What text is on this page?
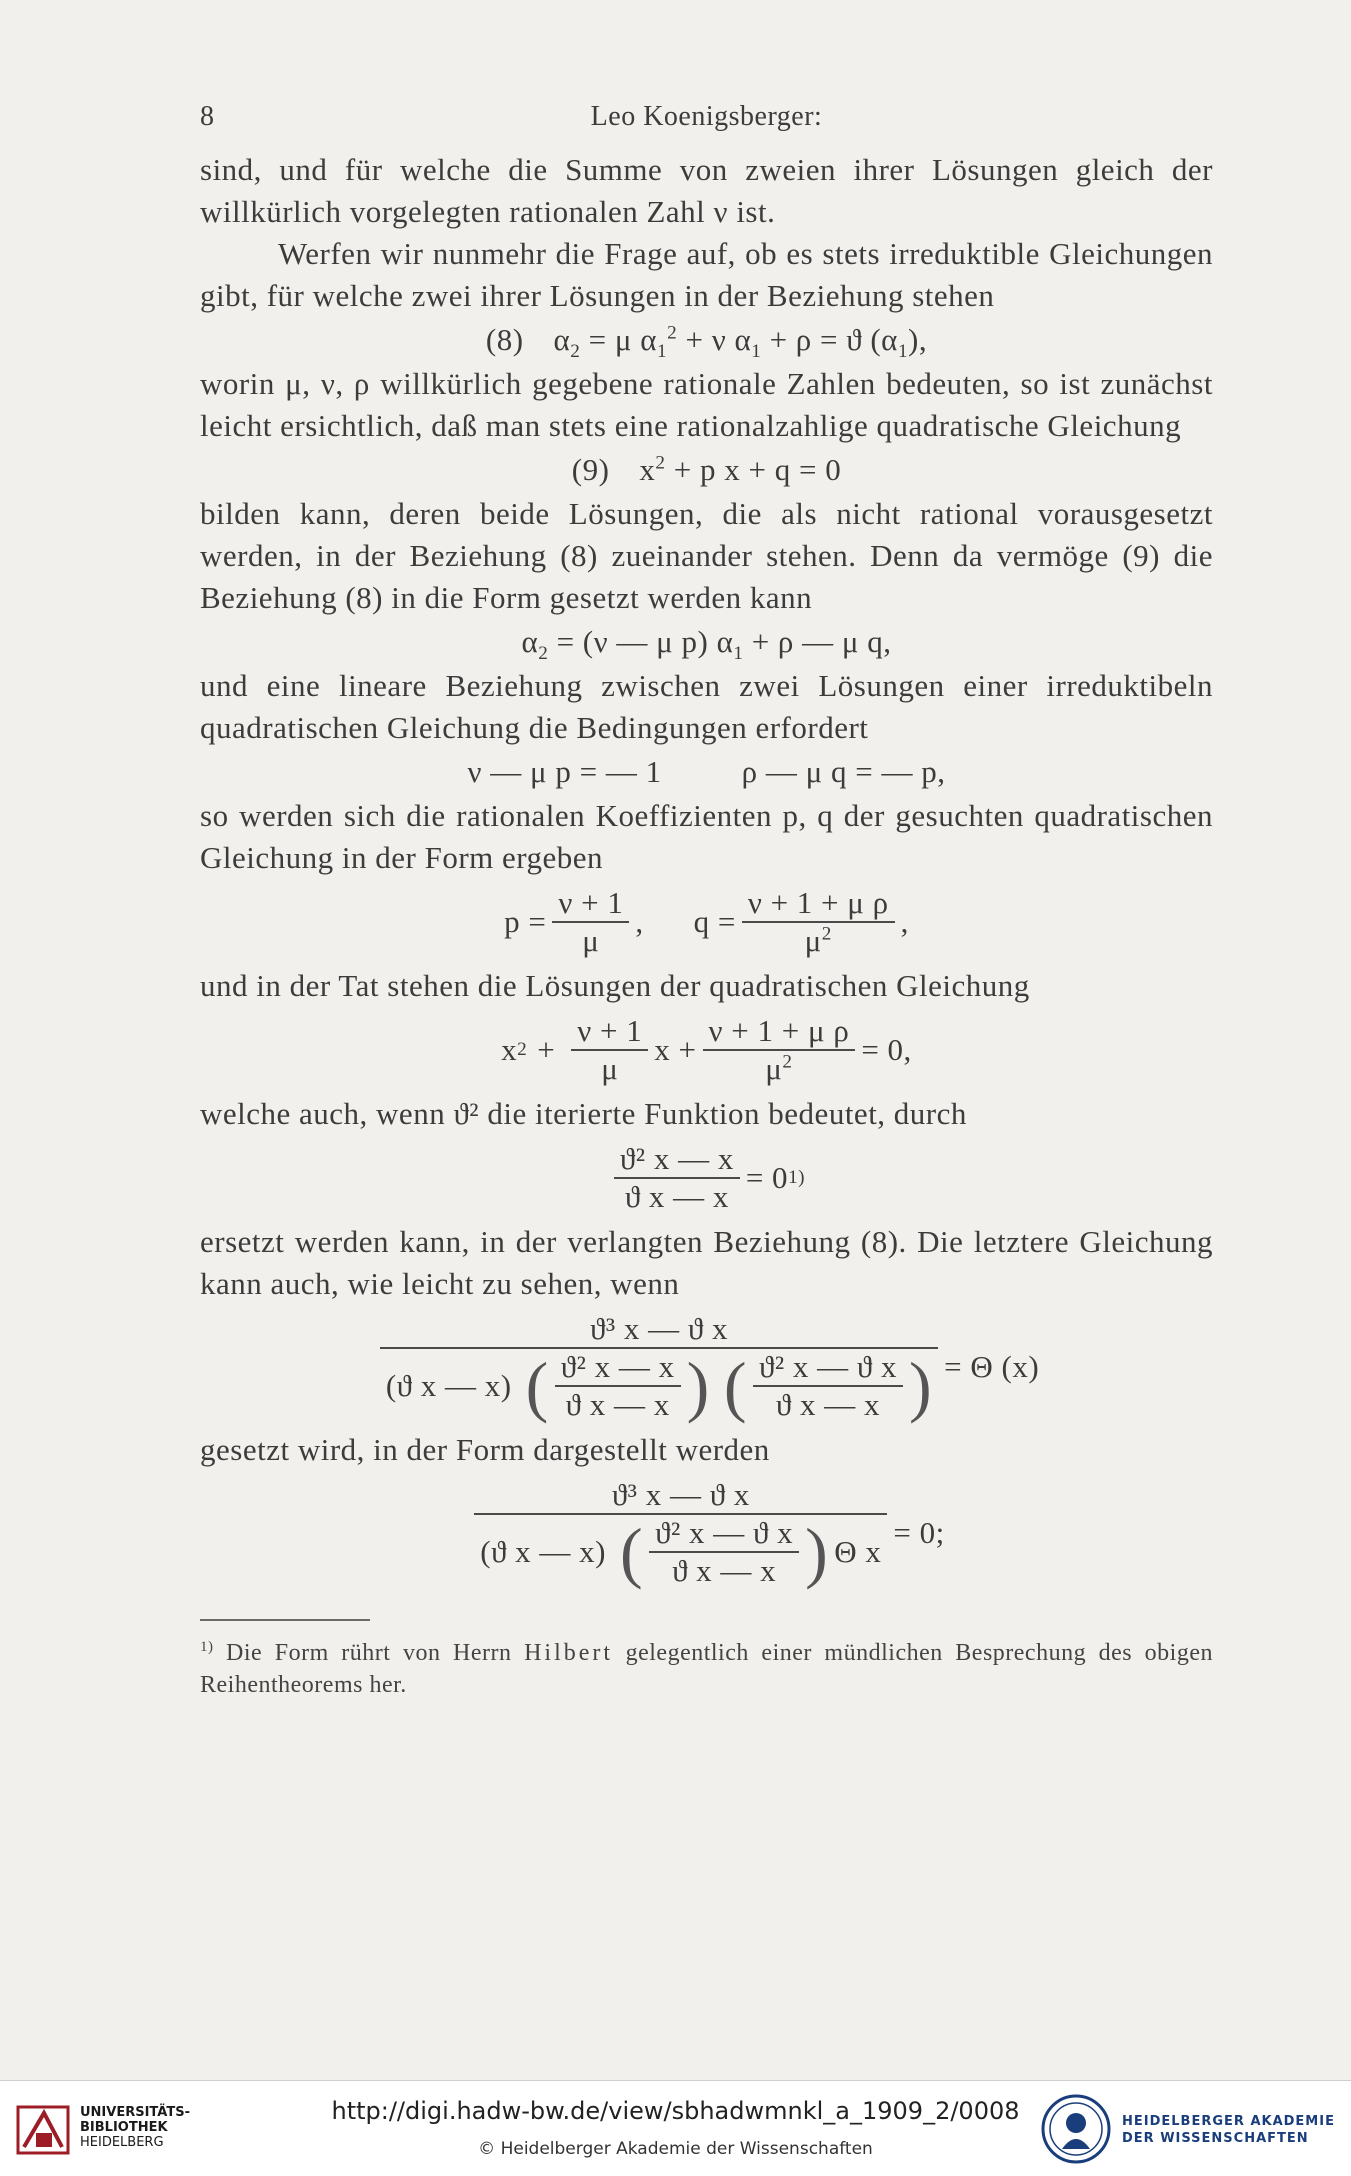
8	Leo Koenigsberger:

sind, und für welche die Summe von zweien ihrer Lösungen gleich der willkürlich vorgelegten rationalen Zahl ν ist.

Werfen wir nunmehr die Frage auf, ob es stets irreduktible Gleichungen gibt, für welche zwei ihrer Lösungen in der Beziehung stehen

(8) $\alpha_2 = \mu$ $\alpha_1^2 + \nu$ $\alpha_1 + \rho = ϑ$ $(\alpha_1)$,

worin μ, ν, ρ willkürlich gegebene rationale Zahlen bedeuten, so ist zunächst leicht ersichtlich, daß man stets eine rationalzahlige quadratische Gleichung

(9) $x^2 + p$ x + q = 0

bilden kann, deren beide Lösungen, die als nicht rational vorausgesetzt werden, in der Beziehung (8) zueinander stehen. Denn da vermöge (9) die Beziehung (8) in die Form gesetzt werden kann

$\alpha_2 = (\nu$ — μ p) $\alpha_1 + \rho$ — μ q,

und eine lineare Beziehung zwischen zwei Lösungen einer irreduktibeln quadratischen Gleichung die Bedingungen erfordert

ν — μ p = — 1	ρ — μ q = — p,

so werden sich die rationalen Koeffizienten p, q der gesuchten quadratischen Gleichung in der Form ergeben

$p = \frac{\nu + 1}{\mu}$ , $q = \frac{\text{ν + 1 + μ ρ}}{\mu^2}$ ,

und in der Tat stehen die Lösungen der quadratischen Gleichung

x $2 + \frac{\nu + 1}{\mu}$ $x + \frac{\text{ν + 1 + μ ρ}}{\mu^2} = 0$,

welche auch, wenn ϑ² die iterierte Funktion bedeutet, durch

$\frac{\text{ϑ² x — x}}{\text{ϑ x — x}} = 0$ 1)

ersetzt werden kann, in der verlangten Beziehung (8). Die letztere Gleichung kann auch, wie leicht zu sehen, wenn

ϑ³ x — ϑ x
(ϑ x — x) ( $\frac{\text{ϑ² x — x}}{\text{ϑ x — x}}$ ) ( $\frac{\text{ϑ² x — ϑ x}}{\text{ϑ x — x}}$ ) = Θ (x)

gesetzt wird, in der Form dargestellt werden

$\frac{\text{ϑ³ x — ϑ x}}{(ϑ x — x) ( \frac{\text{ϑ² x — ϑ x}}{\text{ϑ x — x}} ) \Theta x} = 0$;

$^{1)}$ Die Form rührt von Herrn Hilbert gelegentlich einer mündlichen Besprechung des obigen Reihentheorems her.

UNIVERSITÄTS-
BIBLIOTHEK
HEIDELBERG
http://digi.hadw-bw.de/view/sbhadwmnkl_a_1909_2/0008
© Heidelberger Akademie der Wissenschaften
HEIDELBERGER AKADEMIE
DER WISSENSCHAFTEN
